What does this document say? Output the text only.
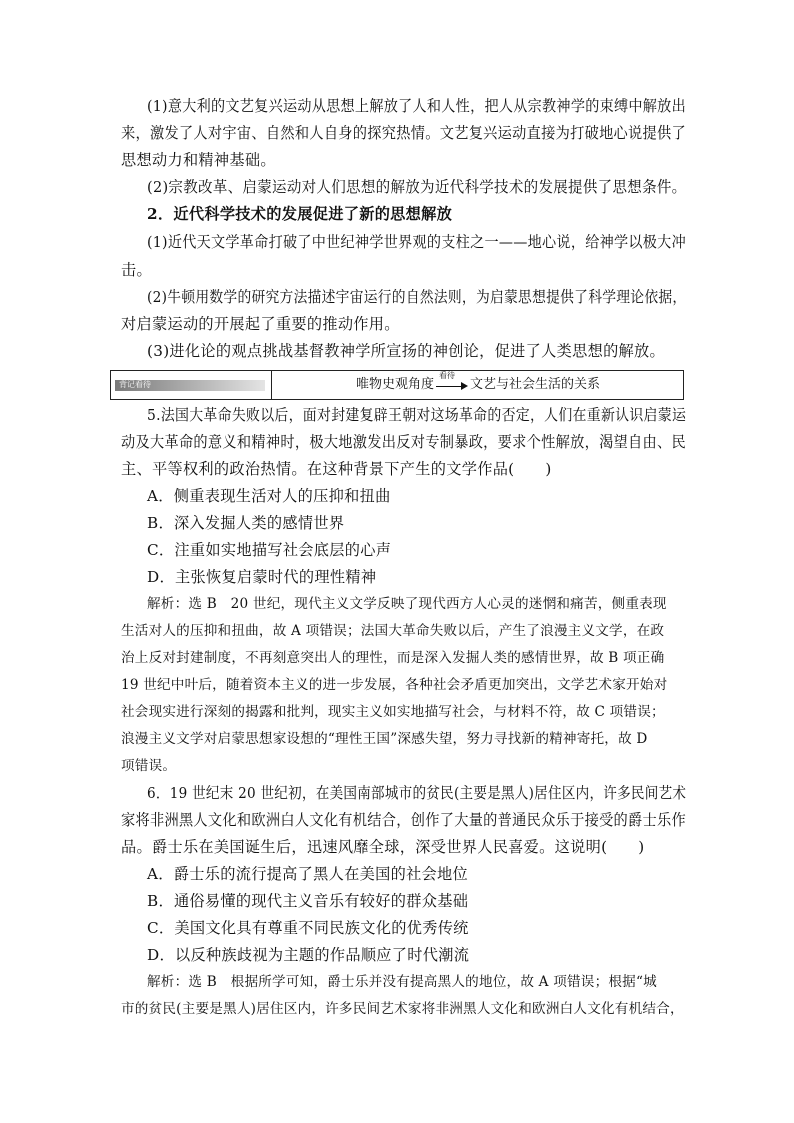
(1)意大利的文艺复兴运动从思想上解放了人和人性，把人从宗教神学的束缚中解放出
来，激发了人对宇宙、自然和人自身的探究热情。文艺复兴运动直接为打破地心说提供了
思想动力和精神基础。
(2)宗教改革、启蒙运动对人们思想的解放为近代科学技术的发展提供了思想条件。
2．近代科学技术的发展促进了新的思想解放
(1)近代天文学革命打破了中世纪神学世界观的支柱之一——地心说，给神学以极大冲
击。
(2)牛顿用数学的研究方法描述宇宙运行的自然法则，为启蒙思想提供了科学理论依据，
对启蒙运动的开展起了重要的推动作用。
(3)进化论的观点挑战基督教神学所宣扬的神创论，促进了人类思想的解放。
背记看待	唯物史观角度
看待
文艺与社会生活的关系
5.法国大革命失败以后，面对封建复辟王朝对这场革命的否定，人们在重新认识启蒙运
动及大革命的意义和精神时，极大地激发出反对专制暴政，要求个性解放，渴望自由、民
主、平等权利的政治热情。在这种背景下产生的文学作品(　　)
A．侧重表现生活对人的压抑和扭曲
B．深入发掘人类的感情世界
C．注重如实地描写社会底层的心声
D．主张恢复启蒙时代的理性精神
解析：选 B　20 世纪，现代主义文学反映了现代西方人心灵的迷惘和痛苦，侧重表现
生活对人的压抑和扭曲，故 A 项错误；法国大革命失败以后，产生了浪漫主义文学，在政
治上反对封建制度，不再刻意突出人的理性，而是深入发掘人类的感情世界，故 B 项正确
19 世纪中叶后，随着资本主义的进一步发展，各种社会矛盾更加突出，文学艺术家开始对
社会现实进行深刻的揭露和批判，现实主义如实地描写社会，与材料不符，故 C 项错误；
浪漫主义文学对启蒙思想家设想的“理性王国”深感失望，努力寻找新的精神寄托，故 D
项错误。
6．19 世纪末 20 世纪初，在美国南部城市的贫民(主要是黑人)居住区内，许多民间艺术
家将非洲黑人文化和欧洲白人文化有机结合，创作了大量的普通民众乐于接受的爵士乐作
品。爵士乐在美国诞生后，迅速风靡全球，深受世界人民喜爱。这说明(　　)
A．爵士乐的流行提高了黑人在美国的社会地位
B．通俗易懂的现代主义音乐有较好的群众基础
C．美国文化具有尊重不同民族文化的优秀传统
D．以反种族歧视为主题的作品顺应了时代潮流
解析：选 B　根据所学可知，爵士乐并没有提高黑人的地位，故 A 项错误；根据“城
市的贫民(主要是黑人)居住区内，许多民间艺术家将非洲黑人文化和欧洲白人文化有机结合，
